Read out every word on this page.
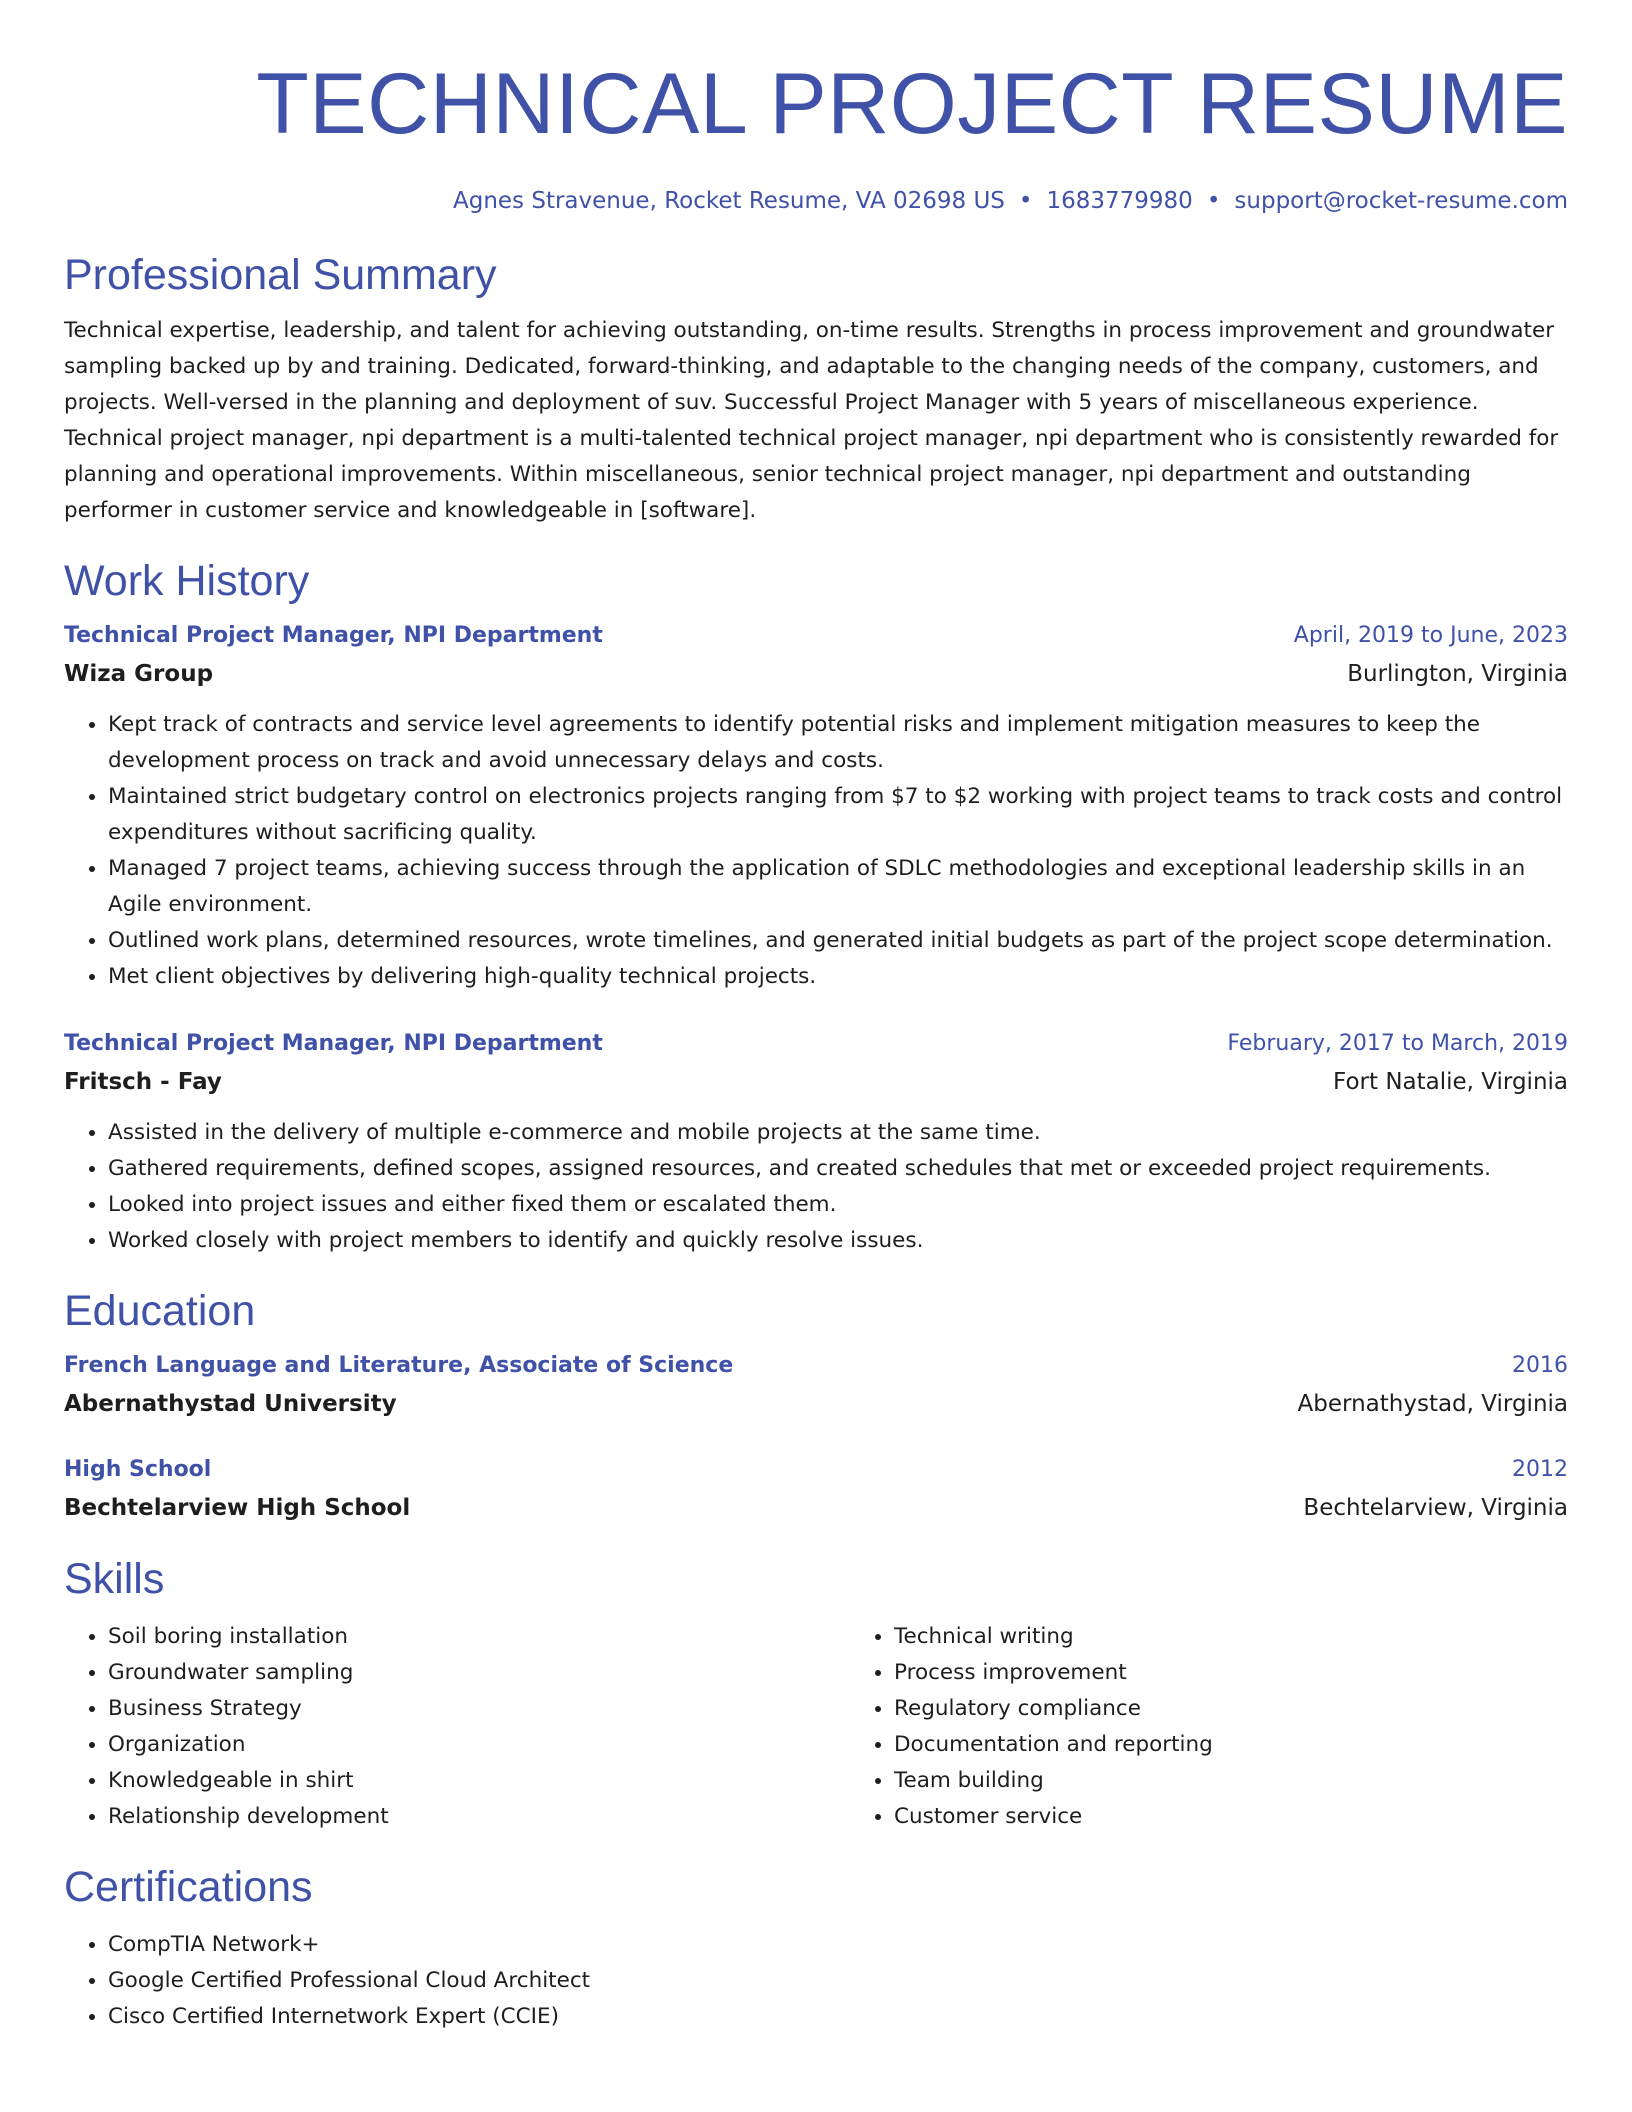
TECHNICAL PROJECT RESUME
Agnes Stravenue, Rocket Resume, VA 02698 US • 1683779980 • support@rocket-resume.com
Professional Summary

Technical expertise, leadership, and talent for achieving outstanding, on-time results. Strengths in process improvement and groundwater sampling backed up by and training. Dedicated, forward-thinking, and adaptable to the changing needs of the company, customers, and projects. Well-versed in the planning and deployment of suv. Successful Project Manager with 5 years of miscellaneous experience. Technical project manager, npi department is a multi-talented technical project manager, npi department who is consistently rewarded for planning and operational improvements. Within miscellaneous, senior technical project manager, npi department and outstanding performer in customer service and knowledgeable in [software].

Work History
Technical Project Manager, NPI Department	April, 2019 to June, 2023
Wiza Group	Burlington, Virginia
• Kept track of contracts and service level agreements to identify potential risks and implement mitigation measures to keep the development process on track and avoid unnecessary delays and costs.
• Maintained strict budgetary control on electronics projects ranging from $7 to $2 working with project teams to track costs and control expenditures without sacrificing quality.
• Managed 7 project teams, achieving success through the application of SDLC methodologies and exceptional leadership skills in an Agile environment.
• Outlined work plans, determined resources, wrote timelines, and generated initial budgets as part of the project scope determination.
• Met client objectives by delivering high-quality technical projects.
Technical Project Manager, NPI Department	February, 2017 to March, 2019
Fritsch - Fay	Fort Natalie, Virginia
• Assisted in the delivery of multiple e-commerce and mobile projects at the same time.
• Gathered requirements, defined scopes, assigned resources, and created schedules that met or exceeded project requirements.
• Looked into project issues and either fixed them or escalated them.
• Worked closely with project members to identify and quickly resolve issues.
Education
French Language and Literature, Associate of Science	2016
Abernathystad University	Abernathystad, Virginia
High School	2012
Bechtelarview High School	Bechtelarview, Virginia
Skills
• Soil boring installation
• Groundwater sampling
• Business Strategy
• Organization
• Knowledgeable in shirt
• Relationship development
• Technical writing
• Process improvement
• Regulatory compliance
• Documentation and reporting
• Team building
• Customer service
Certifications
• CompTIA Network+
• Google Certified Professional Cloud Architect
• Cisco Certified Internetwork Expert (CCIE)
